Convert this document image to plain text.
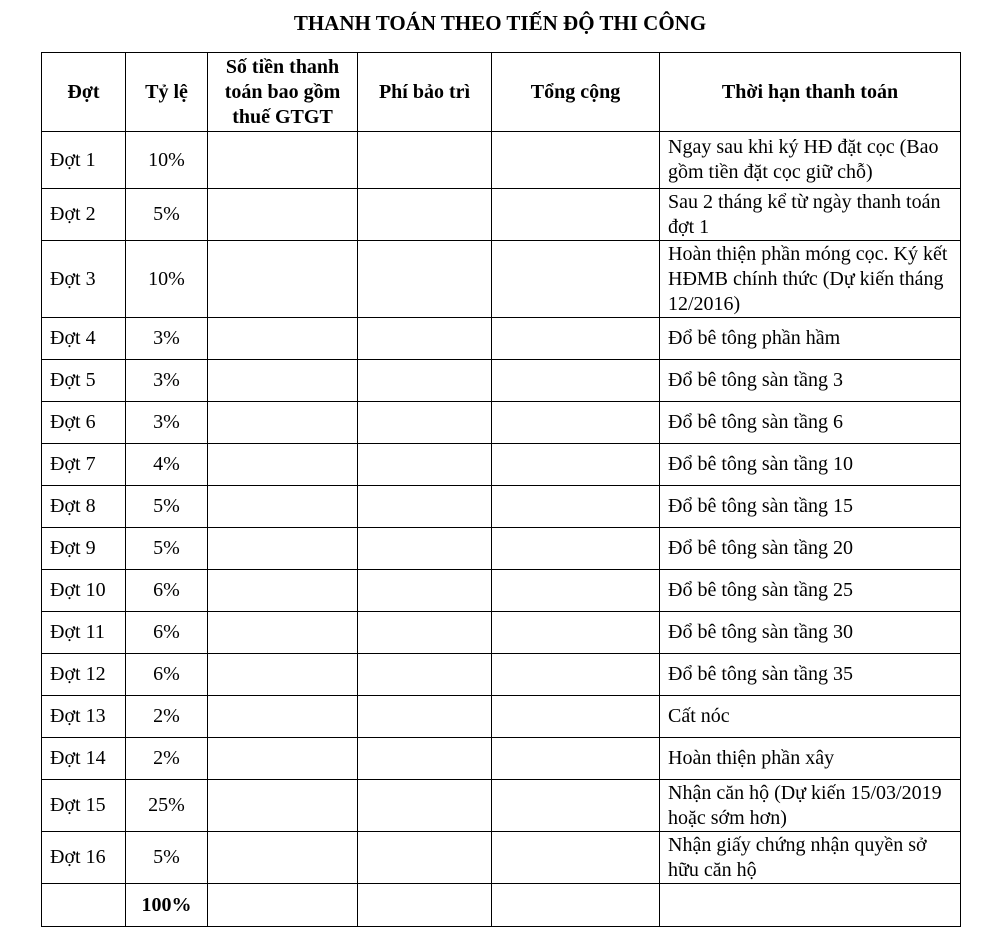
THANH TOÁN THEO TIẾN ĐỘ THI CÔNG
Đợt	Tỷ lệ	Số tiền thanh toán bao gồm thuế GTGT	Phí bảo trì	Tổng cộng	Thời hạn thanh toán
Đợt 1	10%				Ngay sau khi ký HĐ đặt cọc (Bao gồm tiền đặt cọc giữ chỗ)
Đợt 2	5%				Sau 2 tháng kể từ ngày thanh toán đợt 1
Đợt 3	10%				Hoàn thiện phần móng cọc. Ký kết HĐMB chính thức (Dự kiến tháng 12/2016)
Đợt 4	3%				Đổ bê tông phần hầm
Đợt 5	3%				Đổ bê tông sàn tầng 3
Đợt 6	3%				Đổ bê tông sàn tầng 6
Đợt 7	4%				Đổ bê tông sàn tầng 10
Đợt 8	5%				Đổ bê tông sàn tầng 15
Đợt 9	5%				Đổ bê tông sàn tầng 20
Đợt 10	6%				Đổ bê tông sàn tầng 25
Đợt 11	6%				Đổ bê tông sàn tầng 30
Đợt 12	6%				Đổ bê tông sàn tầng 35
Đợt 13	2%				Cất nóc
Đợt 14	2%				Hoàn thiện phần xây
Đợt 15	25%				Nhận căn hộ (Dự kiến 15/03/2019 hoặc sớm hơn)
Đợt 16	5%				Nhận giấy chứng nhận quyền sở hữu căn hộ
	100%				
